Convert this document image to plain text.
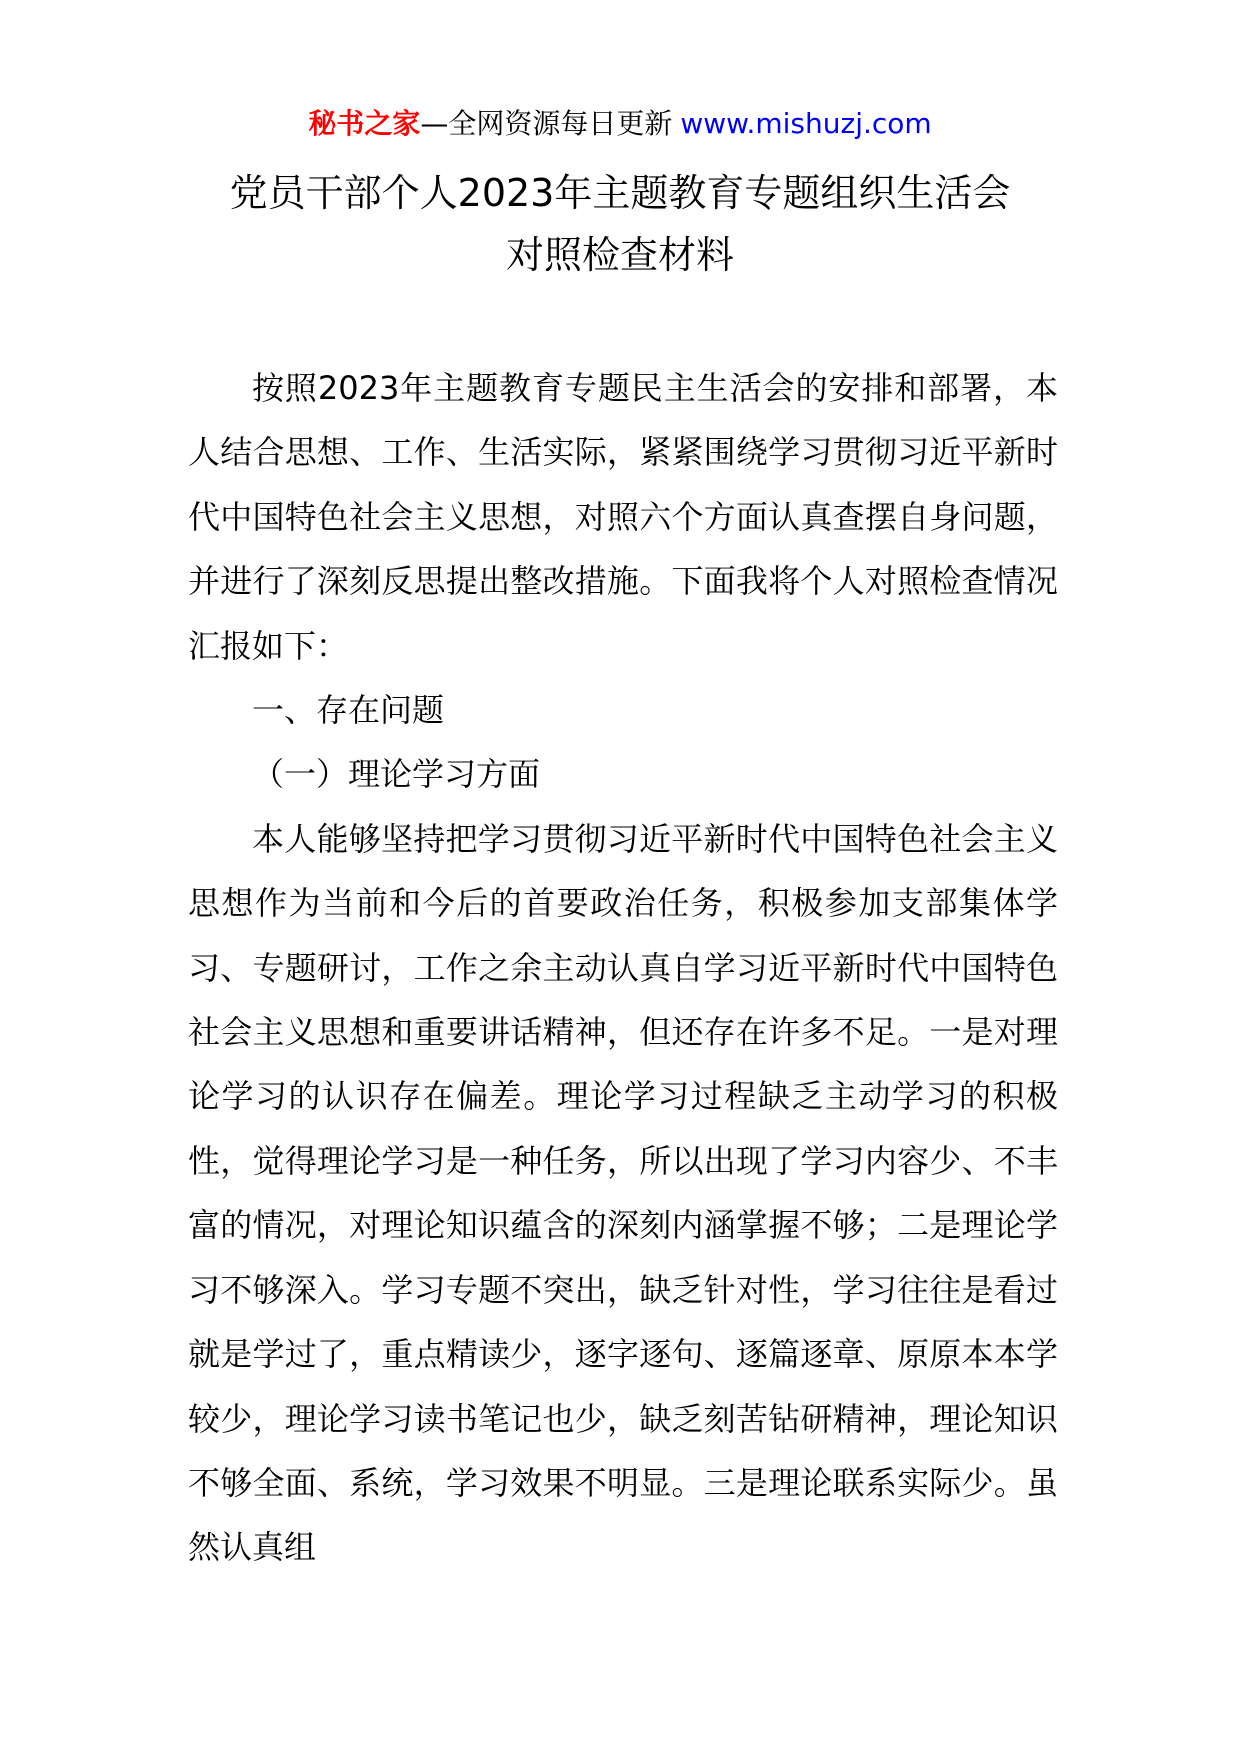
秘书之家—全网资源每日更新 www.mishuzj.com
党员干部个人2023年主题教育专题组织生活会
对照检查材料

按照2023年主题教育专题民主生活会的安排和部署，本人结合思想、工作、生活实际，紧紧围绕学习贯彻习近平新时代中国特色社会主义思想，对照六个方面认真查摆自身问题，并进行了深刻反思提出整改措施。下面我将个人对照检查情况汇报如下：

一、存在问题

（一）理论学习方面

本人能够坚持把学习贯彻习近平新时代中国特色社会主义思想作为当前和今后的首要政治任务，积极参加支部集体学习、专题研讨，工作之余主动认真自学习近平新时代中国特色社会主义思想和重要讲话精神，但还存在许多不足。一是对理论学习的认识存在偏差。理论学习过程缺乏主动学习的积极性，觉得理论学习是一种任务，所以出现了学习内容少、不丰富的情况，对理论知识蕴含的深刻内涵掌握不够；二是理论学习不够深入。学习专题不突出，缺乏针对性，学习往往是看过就是学过了，重点精读少，逐字逐句、逐篇逐章、原原本本学较少，理论学习读书笔记也少，缺乏刻苦钻研精神，理论知识不够全面、系统，学习效果不明显。三是理论联系实际少。虽然认真组
